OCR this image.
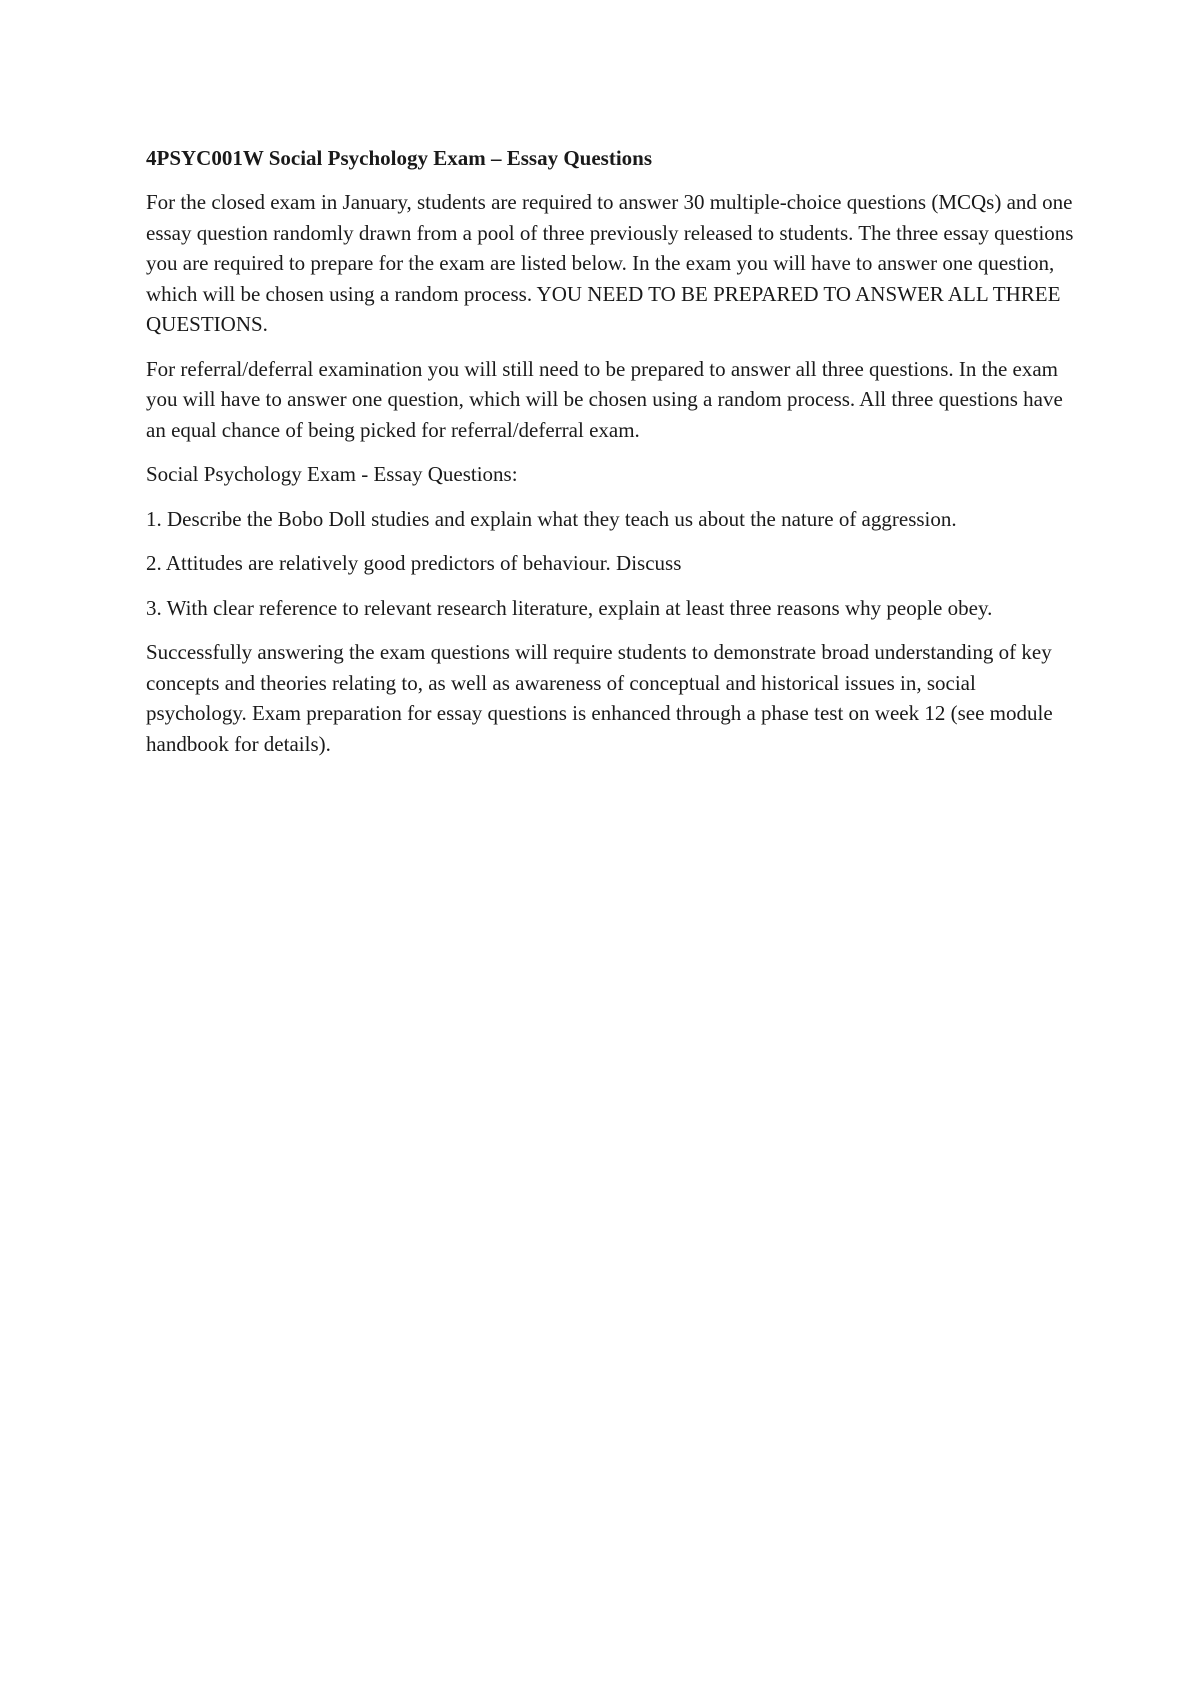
4PSYC001W Social Psychology Exam – Essay Questions

For the closed exam in January, students are required to answer 30 multiple-choice questions (MCQs) and one essay question randomly drawn from a pool of three previously released to students. The three essay questions you are required to prepare for the exam are listed below. In the exam you will have to answer one question, which will be chosen using a random process. YOU NEED TO BE PREPARED TO ANSWER ALL THREE QUESTIONS.

For referral/deferral examination you will still need to be prepared to answer all three questions. In the exam you will have to answer one question, which will be chosen using a random process. All three questions have an equal chance of being picked for referral/deferral exam.

Social Psychology Exam - Essay Questions:

1. Describe the Bobo Doll studies and explain what they teach us about the nature of aggression.

2. Attitudes are relatively good predictors of behaviour. Discuss

3. With clear reference to relevant research literature, explain at least three reasons why people obey.

Successfully answering the exam questions will require students to demonstrate broad understanding of key concepts and theories relating to, as well as awareness of conceptual and historical issues in, social psychology. Exam preparation for essay questions is enhanced through a phase test on week 12 (see module handbook for details).
